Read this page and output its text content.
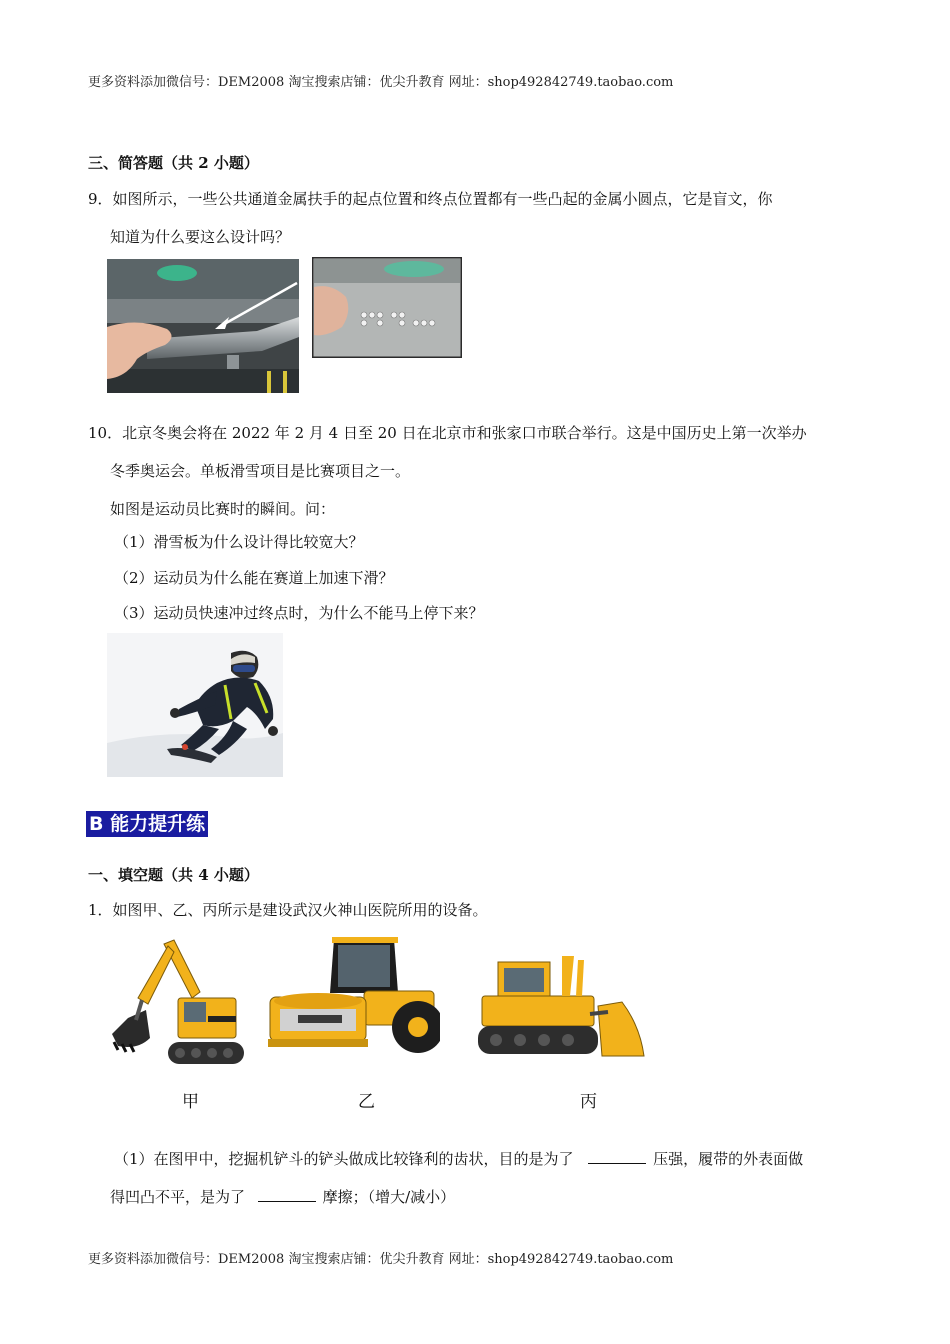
更多资料添加微信号：DEM2008 淘宝搜索店铺：优尖升教育 网址：shop492842749.taobao.com
三、简答题（共 2 小题）
9．如图所示，一些公共通道金属扶手的起点位置和终点位置都有一些凸起的金属小圆点，它是盲文，你
知道为什么要这么设计吗？
10．北京冬奥会将在 2022 年 2 月 4 日至 20 日在北京市和张家口市联合举行。这是中国历史上第一次举办
冬季奥运会。单板滑雪项目是比赛项目之一。
如图是运动员比赛时的瞬间。问：
（1）滑雪板为什么设计得比较宽大？
（2）运动员为什么能在赛道上加速下滑？
（3）运动员快速冲过终点时，为什么不能马上停下来？
B 能力提升练
一、填空题（共 4 小题）
1．如图甲、乙、丙所示是建设武汉火神山医院所用的设备。
甲	乙	丙
（1）在图甲中，挖掘机铲斗的铲头做成比较锋利的齿状，目的是为了	压强，履带的外表面做
得凹凸不平，是为了	摩擦；（增大/减小）
更多资料添加微信号：DEM2008 淘宝搜索店铺：优尖升教育 网址：shop492842749.taobao.com
